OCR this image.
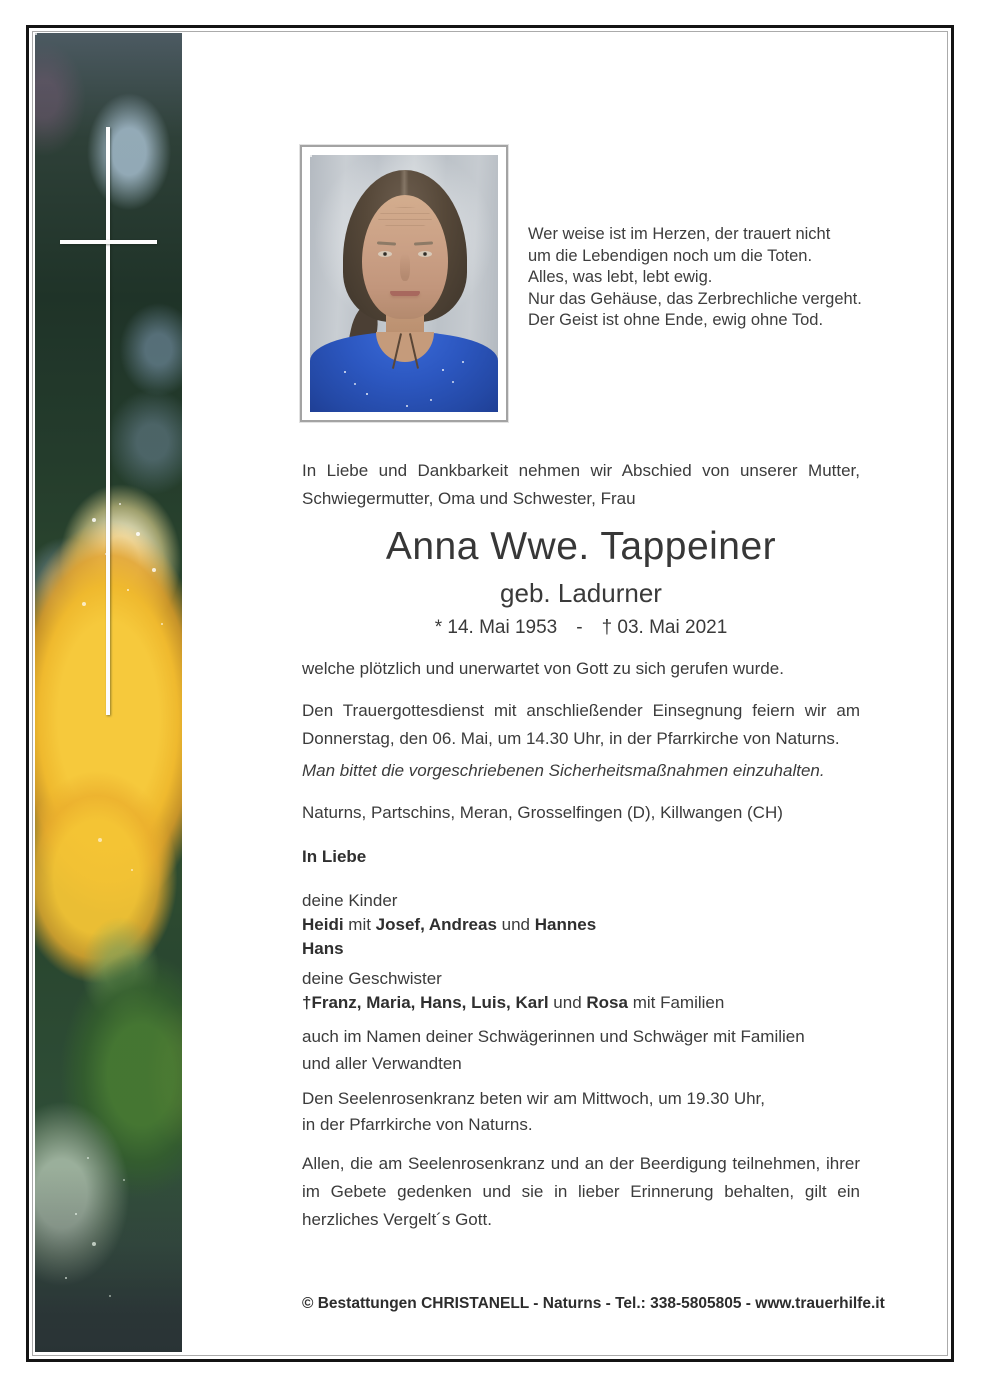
Wer weise ist im Herzen, der trauert nicht
um die Lebendigen noch um die Toten.
Alles, was lebt, lebt ewig.
Nur das Gehäuse, das Zerbrechliche vergeht.
Der Geist ist ohne Ende, ewig ohne Tod.

In Liebe und Dankbarkeit nehmen wir Abschied von unserer Mutter, Schwiegermutter, Oma und Schwester, Frau

Anna Wwe. Tappeiner
geb. Ladurner
* 14. Mai 1953  -  † 03. Mai 2021

welche plötzlich und unerwartet von Gott zu sich gerufen wurde.

Den Trauergottesdienst mit anschließender Einsegnung feiern wir am Donnerstag, den 06. Mai, um 14.30 Uhr, in der Pfarrkirche von Naturns.

Man bittet die vorgeschriebenen Sicherheitsmaßnahmen einzuhalten.

Naturns, Partschins, Meran, Grosselfingen (D), Killwangen (CH)

In Liebe

deine Kinder

Heidi mit Josef, Andreas und Hannes

Hans

deine Geschwister

†Franz, Maria, Hans, Luis, Karl und Rosa mit Familien

auch im Namen deiner Schwägerinnen und Schwäger mit Familien
und aller Verwandten

Den Seelenrosenkranz beten wir am Mittwoch, um 19.30 Uhr,
in der Pfarrkirche von Naturns.

Allen, die am Seelenrosenkranz und an der Beerdigung teilnehmen, ihrer im Gebete gedenken und sie in lieber Erinnerung behalten, gilt ein herzliches Vergelt´s Gott.

© Bestattungen CHRISTANELL - Naturns - Tel.: 338-5805805 - www.trauerhilfe.it
